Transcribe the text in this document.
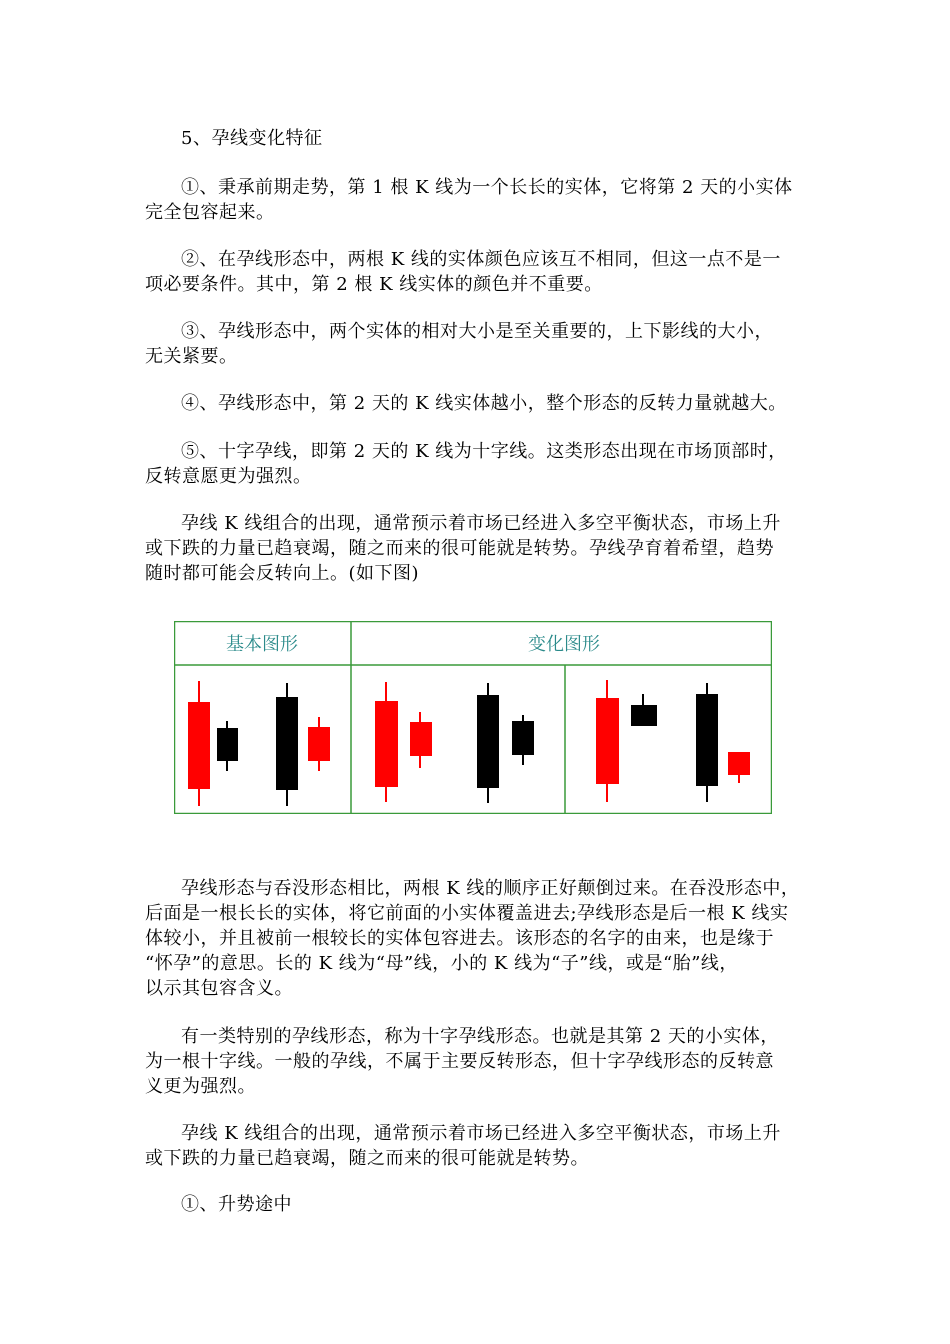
5、孕线变化特征

①、秉承前期走势，第 1 根 K 线为一个长长的实体，它将第 2 天的小实体
完全包容起来。
②、在孕线形态中，两根 K 线的实体颜色应该互不相同，但这一点不是一
项必要条件。其中，第 2 根 K 线实体的颜色并不重要。
③、孕线形态中，两个实体的相对大小是至关重要的，上下影线的大小，
无关紧要。
④、孕线形态中，第 2 天的 K 线实体越小，整个形态的反转力量就越大。
⑤、十字孕线，即第 2 天的 K 线为十字线。这类形态出现在市场顶部时，
反转意愿更为强烈。
孕线 K 线组合的出现，通常预示着市场已经进入多空平衡状态，市场上升
或下跌的力量已趋衰竭，随之而来的很可能就是转势。孕线孕育着希望，趋势
随时都可能会反转向上。(如下图)
基本图形	变化图形
孕线形态与吞没形态相比，两根 K 线的顺序正好颠倒过来。在吞没形态中，
后面是一根长长的实体，将它前面的小实体覆盖进去;孕线形态是后一根 K 线实
体较小，并且被前一根较长的实体包容进去。该形态的名字的由来，也是缘于
“怀孕”的意思。长的 K 线为“母”线，小的 K 线为“子”线，或是“胎”线，
以示其包容含义。
有一类特别的孕线形态，称为十字孕线形态。也就是其第 2 天的小实体，
为一根十字线。一般的孕线，不属于主要反转形态，但十字孕线形态的反转意
义更为强烈。
孕线 K 线组合的出现，通常预示着市场已经进入多空平衡状态，市场上升
或下跌的力量已趋衰竭，随之而来的很可能就是转势。

①、升势途中
